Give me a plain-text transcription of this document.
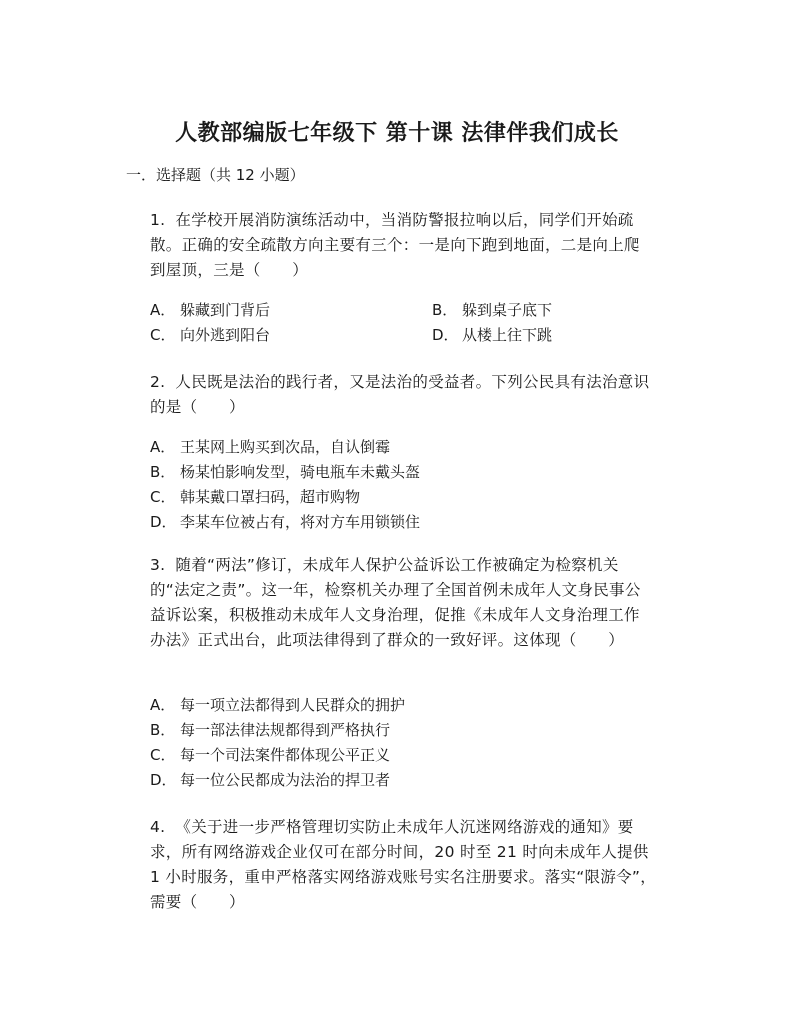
人教部编版七年级下 第十课 法律伴我们成长
一．选择题（共 12 小题）
1. 在学校开展消防演练活动中，当消防警报拉响以后，同学们开始疏散。正确的安全疏散方向主要有三个：一是向下跑到地面，二是向上爬到屋顶，三是（　　）
A． 躲藏到门背后	B． 躲到桌子底下
C． 向外逃到阳台	D． 从楼上往下跳
2. 人民既是法治的践行者，又是法治的受益者。下列公民具有法治意识的是（　　）
A． 王某网上购买到次品，自认倒霉
B． 杨某怕影响发型，骑电瓶车未戴头盔
C． 韩某戴口罩扫码，超市购物
D． 李某车位被占有，将对方车用锁锁住
3. 随着“两法”修订，未成年人保护公益诉讼工作被确定为检察机关的“法定之责”。这一年，检察机关办理了全国首例未成年人文身民事公益诉讼案，积极推动未成年人文身治理，促推《未成年人文身治理工作办法》正式出台，此项法律得到了群众的一致好评。这体现（　　）
A． 每一项立法都得到人民群众的拥护
B． 每一部法律法规都得到严格执行
C． 每一个司法案件都体现公平正义
D． 每一位公民都成为法治的捍卫者
4. 《关于进一步严格管理切实防止未成年人沉迷网络游戏的通知》要求，所有网络游戏企业仅可在部分时间，20 时至 21 时向未成年人提供 1 小时服务，重申严格落实网络游戏账号实名注册要求。落实“限游令”，需要（　　）
